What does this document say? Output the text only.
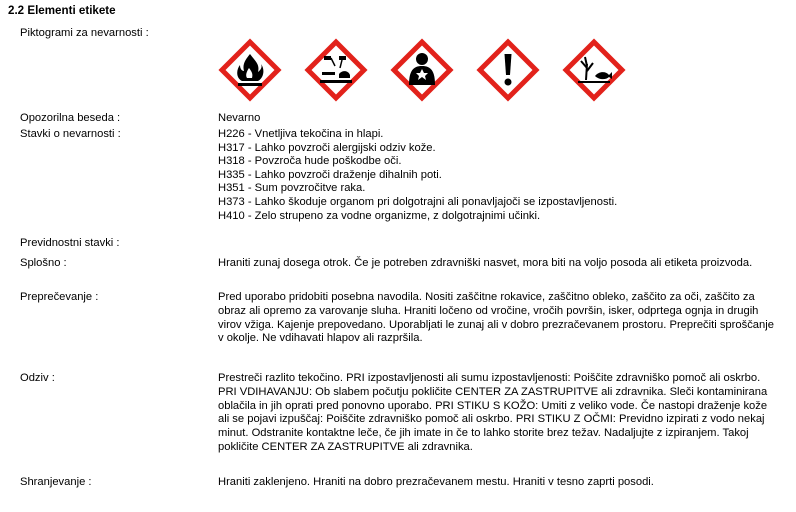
2.2 Elementi etikete
Piktogrami za nevarnosti :
Opozorilna beseda :	Nevarno
Stavki o nevarnosti :	H226 - Vnetljiva tekočina in hlapi.
H317 - Lahko povzroči alergijski odziv kože.
H318 - Povzroča hude poškodbe oči.
H335 - Lahko povzroči draženje dihalnih poti.
H351 - Sum povzročitve raka.
H373 - Lahko škoduje organom pri dolgotrajni ali ponavljajoči se izpostavljenosti.
H410 - Zelo strupeno za vodne organizme, z dolgotrajnimi učinki.
Previdnostni stavki :
Splošno :	Hraniti zunaj dosega otrok. Če je potreben zdravniški nasvet, mora biti na voljo posoda ali etiketa proizvoda.
Preprečevanje :	Pred uporabo pridobiti posebna navodila. Nositi zaščitne rokavice, zaščitno obleko, zaščito za oči, zaščito za obraz ali opremo za varovanje sluha. Hraniti ločeno od vročine, vročih površin, isker, odprtega ognja in drugih virov vžiga. Kajenje prepovedano. Uporabljati le zunaj ali v dobro prezračevanem prostoru. Preprečiti sproščanje v okolje. Ne vdihavati hlapov ali razpršila.
Odziv :	Prestreči razlito tekočino. PRI izpostavljenosti ali sumu izpostavljenosti: Poiščite zdravniško pomoč ali oskrbo. PRI VDIHAVANJU: Ob slabem počutju pokličite CENTER ZA ZASTRUPITVE ali zdravnika. Sleči kontaminirana oblačila in jih oprati pred ponovno uporabo. PRI STIKU S KOŽO: Umiti z veliko vode. Če nastopi draženje kože ali se pojavi izpuščaj: Poiščite zdravniško pomoč ali oskrbo. PRI STIKU Z OČMI: Previdno izpirati z vodo nekaj minut. Odstranite kontaktne leče, če jih imate in če to lahko storite brez težav. Nadaljujte z izpiranjem. Takoj pokličite CENTER ZA ZASTRUPITVE ali zdravnika.
Shranjevanje :	Hraniti zaklenjeno. Hraniti na dobro prezračevanem mestu. Hraniti v tesno zaprti posodi.
